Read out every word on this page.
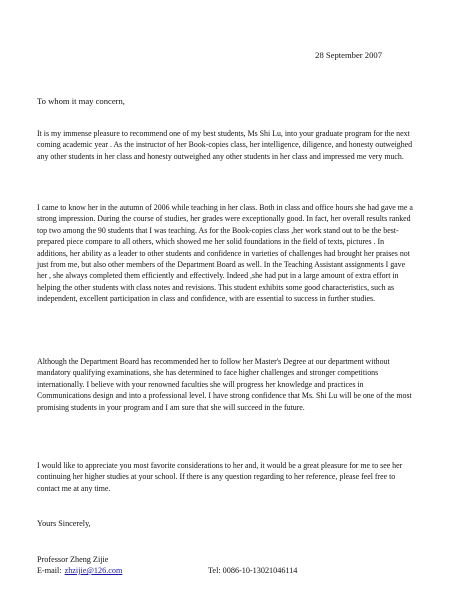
28 September 2007
To whom it may concern,

It is my immense pleasure to recommend one of my best students, Ms Shi Lu, into your graduate program for the next coming academic year . As the instructor of her Book-copies class, her intelligence, diligence, and honesty outweighed any other students in her class and honesty outweighed any other students in her class and impressed me very much.

I came to know her in the autumn of 2006 while teaching in her class. Both in class and office hours she had gave me a strong impression. During the course of studies, her grades were exceptionally good. In fact, her overall results ranked top two among the 90 students that I was teaching. As for the Book-copies class ,her work stand out to be the best-prepared piece compare to all others, which showed me her solid foundations in the field of texts, pictures . In additions, her ability as a leader to other students and confidence in varieties of challenges had brought her praises not just from me, but also other members of the Department Board as well. In the Teaching Assistant assignments I gave her , she always completed them efficiently and effectively. Indeed ,she had put in a large amount of extra effort in helping the other students with class notes and revisions. This student exhibits some good characteristics, such as independent, excellent participation in class and confidence, with are essential to success in further studies.

Although the Department Board has recommended her to follow her Master's Degree at our department without mandatory qualifying examinations, she has determined to face higher challenges and stronger competitions internationally. I believe with your renowned faculties she will progress her knowledge and practices in Communications design and into a professional level. I have strong confidence that Ms. Shi Lu will be one of the most promising students in your program and I am sure that she will succeed in the future.

I would like to appreciate you most favorite considerations to her and, it would be a great pleasure for me to see her continuing her higher studies at your school. If there is any question regarding to her reference, please feel free to contact me at any time.

Yours Sincerely,
Professor Zheng Zijie
E-mail: zhzijie@126.com	Tel: 0086-10-13021046114
